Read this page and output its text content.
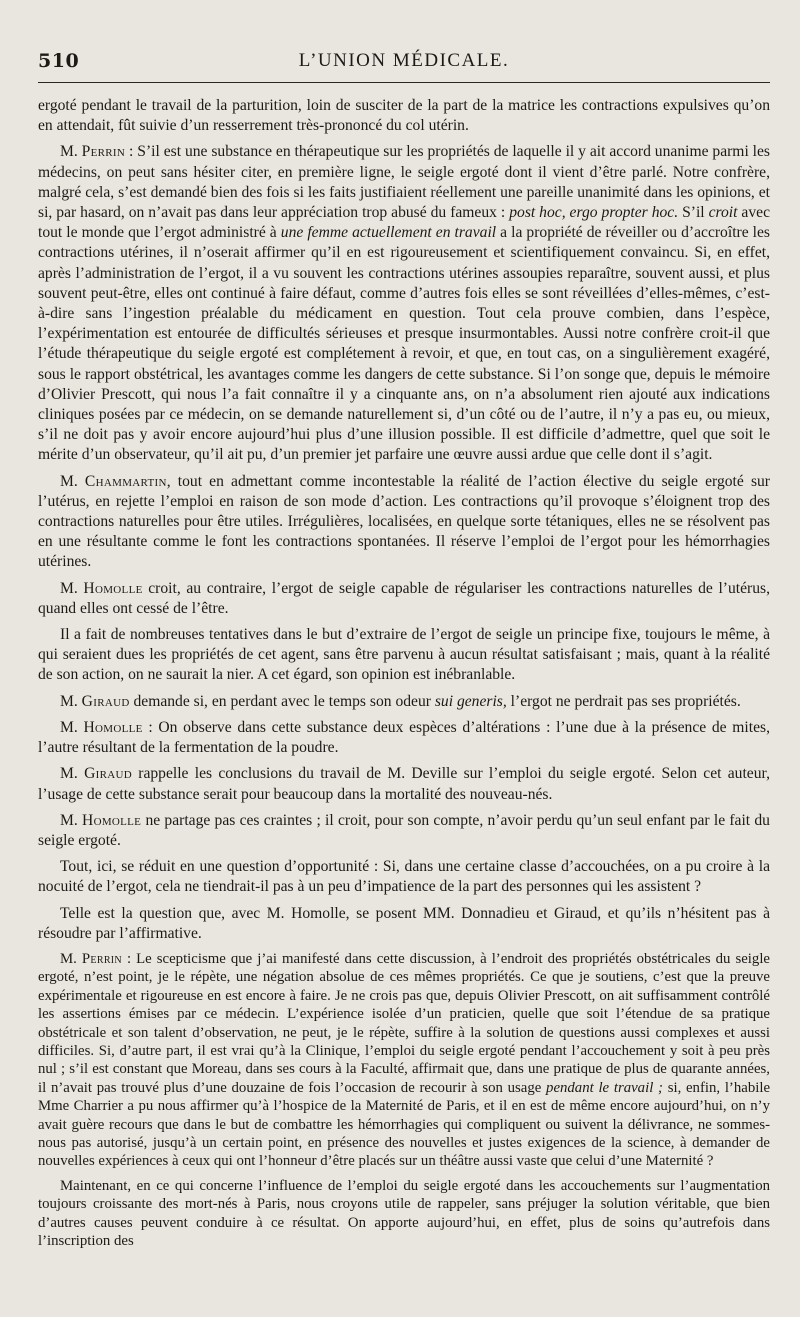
510	L’UNION MÉDICALE.

ergoté pendant le travail de la parturition, loin de susciter de la part de la matrice les contractions expulsives qu’on en attendait, fût suivie d’un resserrement très-prononcé du col utérin.

M. Perrin : S’il est une substance en thérapeutique sur les propriétés de laquelle il y ait accord unanime parmi les médecins, on peut sans hésiter citer, en première ligne, le seigle ergoté dont il vient d’être parlé. Notre confrère, malgré cela, s’est demandé bien des fois si les faits justifiaient réellement une pareille unanimité dans les opinions, et si, par hasard, on n’avait pas dans leur appréciation trop abusé du fameux : post hoc, ergo propter hoc. S’il croit avec tout le monde que l’ergot administré à une femme actuellement en travail a la propriété de réveiller ou d’accroître les contractions utérines, il n’oserait affirmer qu’il en est rigoureusement et scientifiquement convaincu. Si, en effet, après l’administration de l’ergot, il a vu souvent les contractions utérines assoupies reparaître, souvent aussi, et plus souvent peut-être, elles ont continué à faire défaut, comme d’autres fois elles se sont réveillées d’elles-mêmes, c’est-à-dire sans l’ingestion préalable du médicament en question. Tout cela prouve combien, dans l’espèce, l’expérimentation est entourée de difficultés sérieuses et presque insurmontables. Aussi notre confrère croit-il que l’étude thérapeutique du seigle ergoté est complétement à revoir, et que, en tout cas, on a singulièrement exagéré, sous le rapport obstétrical, les avantages comme les dangers de cette substance. Si l’on songe que, depuis le mémoire d’Olivier Prescott, qui nous l’a fait connaître il y a cinquante ans, on n’a absolument rien ajouté aux indications cliniques posées par ce médecin, on se demande naturellement si, d’un côté ou de l’autre, il n’y a pas eu, ou mieux, s’il ne doit pas y avoir encore aujourd’hui plus d’une illusion possible. Il est difficile d’admettre, quel que soit le mérite d’un observateur, qu’il ait pu, d’un premier jet parfaire une œuvre aussi ardue que celle dont il s’agit.

M. Chammartin, tout en admettant comme incontestable la réalité de l’action élective du seigle ergoté sur l’utérus, en rejette l’emploi en raison de son mode d’action. Les contractions qu’il provoque s’éloignent trop des contractions naturelles pour être utiles. Irrégulières, localisées, en quelque sorte tétaniques, elles ne se résolvent pas en une résultante comme le font les contractions spontanées. Il réserve l’emploi de l’ergot pour les hémorrhagies utérines.

M. Homolle croit, au contraire, l’ergot de seigle capable de régulariser les contractions naturelles de l’utérus, quand elles ont cessé de l’être.

Il a fait de nombreuses tentatives dans le but d’extraire de l’ergot de seigle un principe fixe, toujours le même, à qui seraient dues les propriétés de cet agent, sans être parvenu à aucun résultat satisfaisant ; mais, quant à la réalité de son action, on ne saurait la nier. A cet égard, son opinion est inébranlable.

M. Giraud demande si, en perdant avec le temps son odeur sui generis, l’ergot ne perdrait pas ses propriétés.

M. Homolle : On observe dans cette substance deux espèces d’altérations : l’une due à la présence de mites, l’autre résultant de la fermentation de la poudre.

M. Giraud rappelle les conclusions du travail de M. Deville sur l’emploi du seigle ergoté. Selon cet auteur, l’usage de cette substance serait pour beaucoup dans la mortalité des nouveau-nés.

M. Homolle ne partage pas ces craintes ; il croit, pour son compte, n’avoir perdu qu’un seul enfant par le fait du seigle ergoté.

Tout, ici, se réduit en une question d’opportunité : Si, dans une certaine classe d’accouchées, on a pu croire à la nocuité de l’ergot, cela ne tiendrait-il pas à un peu d’impatience de la part des personnes qui les assistent ?

Telle est la question que, avec M. Homolle, se posent MM. Donnadieu et Giraud, et qu’ils n’hésitent pas à résoudre par l’affirmative.

M. Perrin : Le scepticisme que j’ai manifesté dans cette discussion, à l’endroit des propriétés obstétricales du seigle ergoté, n’est point, je le répète, une négation absolue de ces mêmes propriétés. Ce que je soutiens, c’est que la preuve expérimentale et rigoureuse en est encore à faire. Je ne crois pas que, depuis Olivier Prescott, on ait suffisamment contrôlé les assertions émises par ce médecin. L’expérience isolée d’un praticien, quelle que soit l’étendue de sa pratique obstétricale et son talent d’observation, ne peut, je le répète, suffire à la solution de questions aussi complexes et aussi difficiles. Si, d’autre part, il est vrai qu’à la Clinique, l’emploi du seigle ergoté pendant l’accouchement y soit à peu près nul ; s’il est constant que Moreau, dans ses cours à la Faculté, affirmait que, dans une pratique de plus de quarante années, il n’avait pas trouvé plus d’une douzaine de fois l’occasion de recourir à son usage pendant le travail ; si, enfin, l’habile Mme Charrier a pu nous affirmer qu’à l’hospice de la Maternité de Paris, et il en est de même encore aujourd’hui, on n’y avait guère recours que dans le but de combattre les hémorrhagies qui compliquent ou suivent la délivrance, ne sommes-nous pas autorisé, jusqu’à un certain point, en présence des nouvelles et justes exigences de la science, à demander de nouvelles expériences à ceux qui ont l’honneur d’être placés sur un théâtre aussi vaste que celui d’une Maternité ?

Maintenant, en ce qui concerne l’influence de l’emploi du seigle ergoté dans les accouchements sur l’augmentation toujours croissante des mort-nés à Paris, nous croyons utile de rappeler, sans préjuger la solution véritable, que bien d’autres causes peuvent conduire à ce résultat. On apporte aujourd’hui, en effet, plus de soins qu’autrefois dans l’inscription des
